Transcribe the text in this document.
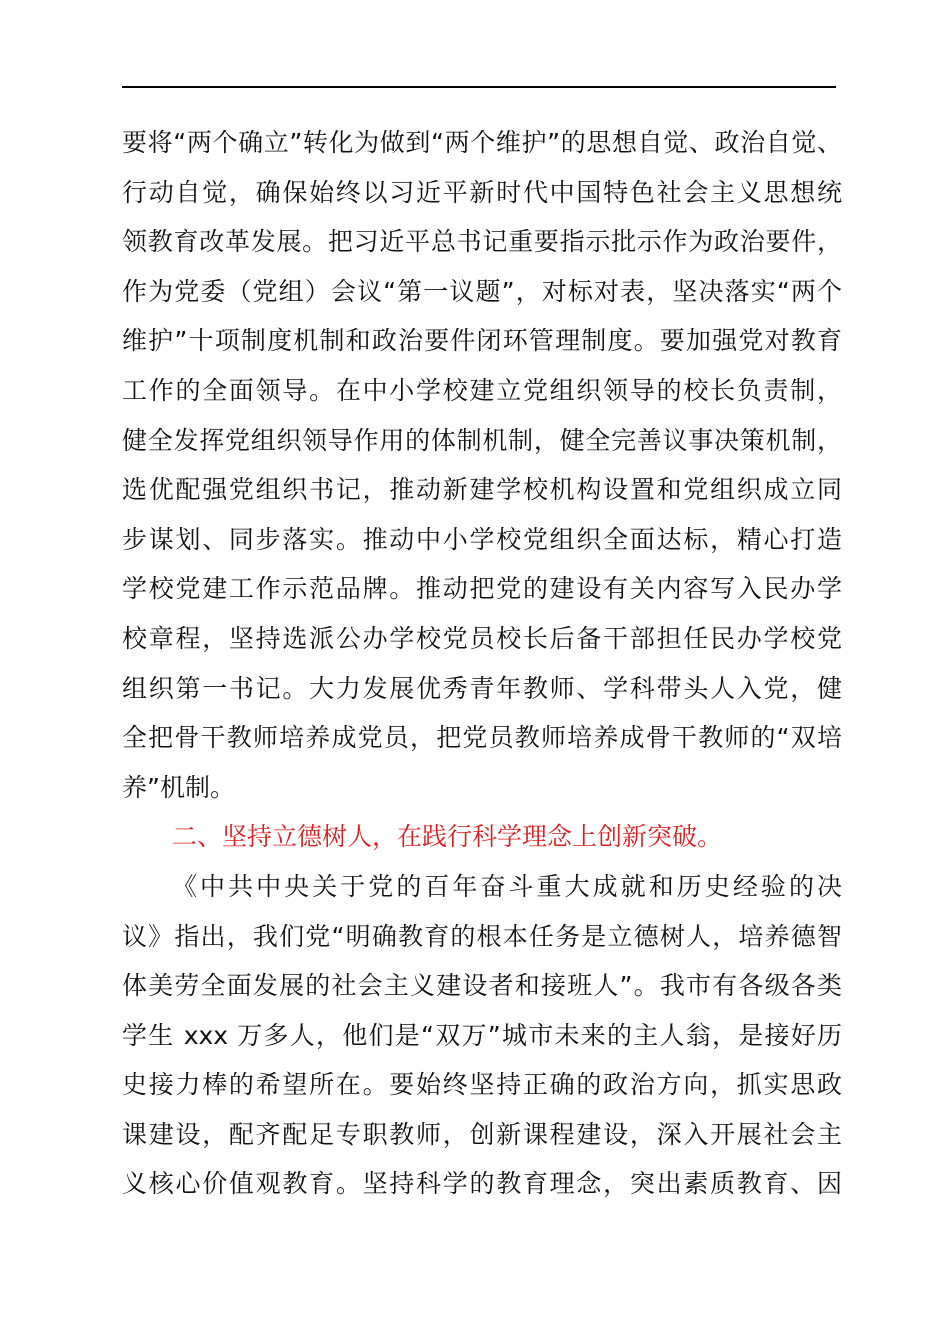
要将“两个确立”转化为做到“两个维护”的思想自觉、政治自觉、
行动自觉，确保始终以习近平新时代中国特色社会主义思想统
领教育改革发展。把习近平总书记重要指示批示作为政治要件，
作为党委（党组）会议“第一议题”，对标对表，坚决落实“两个
维护”十项制度机制和政治要件闭环管理制度。要加强党对教育
工作的全面领导。在中小学校建立党组织领导的校长负责制，
健全发挥党组织领导作用的体制机制，健全完善议事决策机制，
选优配强党组织书记，推动新建学校机构设置和党组织成立同
步谋划、同步落实。推动中小学校党组织全面达标，精心打造
学校党建工作示范品牌。推动把党的建设有关内容写入民办学
校章程，坚持选派公办学校党员校长后备干部担任民办学校党
组织第一书记。大力发展优秀青年教师、学科带头人入党，健
全把骨干教师培养成党员，把党员教师培养成骨干教师的“双培
养”机制。
二、坚持立德树人，在践行科学理念上创新突破。
《中共中央关于党的百年奋斗重大成就和历史经验的决
议》指出，我们党“明确教育的根本任务是立德树人，培养德智
体美劳全面发展的社会主义建设者和接班人”。我市有各级各类
学生 xxx 万多人，他们是“双万”城市未来的主人翁，是接好历
史接力棒的希望所在。要始终坚持正确的政治方向，抓实思政
课建设，配齐配足专职教师，创新课程建设，深入开展社会主
义核心价值观教育。坚持科学的教育理念，突出素质教育、因
